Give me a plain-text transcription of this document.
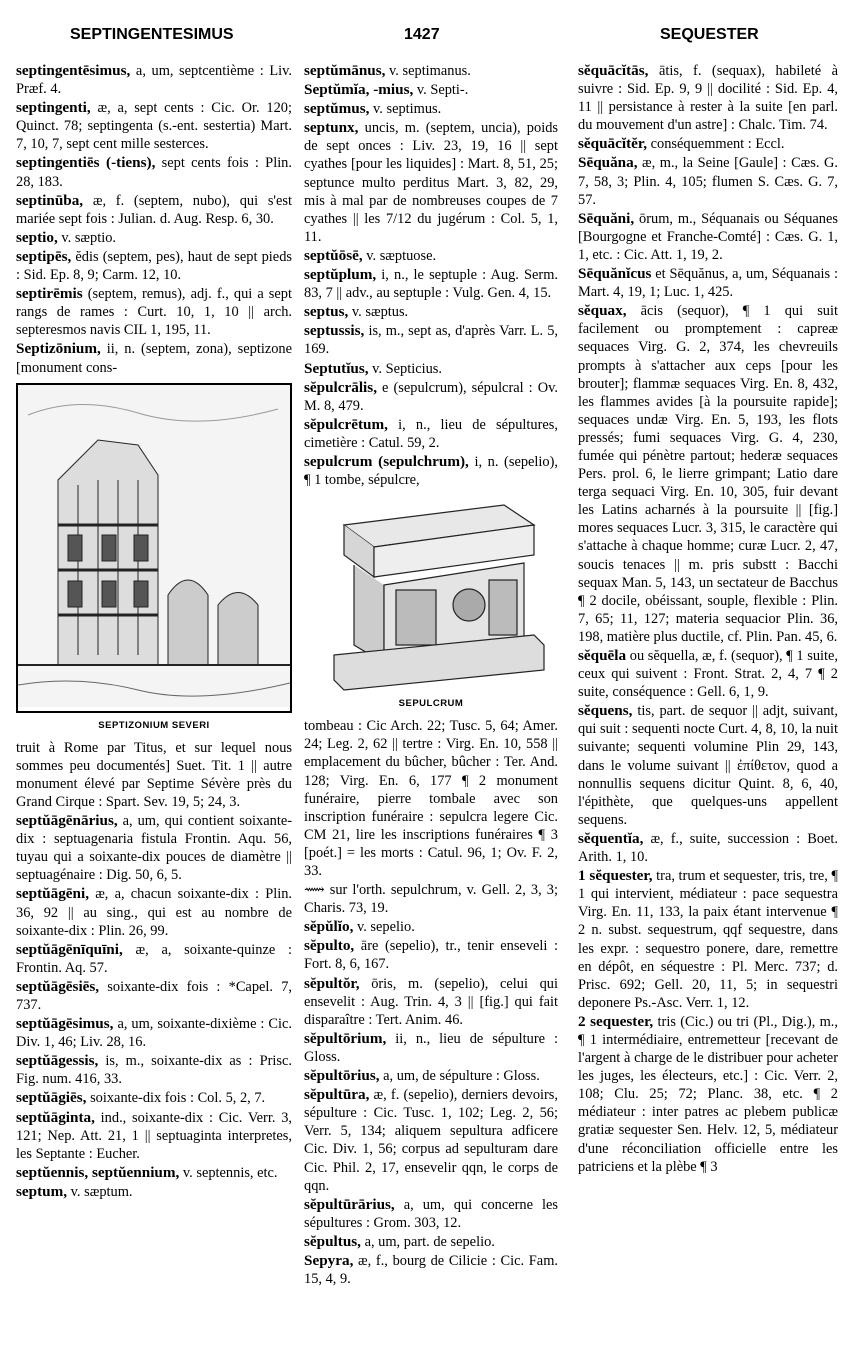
SEPTINGENTESIMUS	1427	SEQUESTER
septingentēsimus, a, um, septcentième : Liv. Præf. 4.
septingenti, æ, a, sept cents : Cic. Or. 120; Quinct. 78; septingenta (s.-ent. sestertia) Mart. 7, 10, 7, sept cent mille sesterces.
septingentiēs (-tiens), sept cents fois : Plin. 28, 183.
septinūba, æ, f. (septem, nubo), qui s'est mariée sept fois : Julian. d. Aug. Resp. 6, 30.
septio, v. sæptio.
septipēs, ĕdis (septem, pes), haut de sept pieds : Sid. Ep. 8, 9; Carm. 12, 10.
septirēmis (septem, remus), adj. f., qui a sept rangs de rames : Curt. 10, 1, 10 || arch. septeresmos navis CIL 1, 195, 11.
Septizōnium, ii, n. (septem, zona), septizone [monument cons-
SEPTIZONIUM SEVERI
truit à Rome par Titus, et sur lequel nous sommes peu documentés] Suet. Tit. 1 || autre monument élevé par Septime Sévère près du Grand Cirque : Spart. Sev. 19, 5; 24, 3.
septŭāgēnārius, a, um, qui contient soixante-dix : septuagenaria fistula Frontin. Aqu. 56, tuyau qui a soixante-dix pouces de diamètre || septuagénaire : Dig. 50, 6, 5.
septŭāgēni, æ, a, chacun soixante-dix : Plin. 36, 92 || au sing., qui est au nombre de soixante-dix : Plin. 26, 99.
septŭāgēnīquīni, æ, a, soixante-quinze : Frontin. Aq. 57.
septŭāgēsiēs, soixante-dix fois : *Capel. 7, 737.
septŭāgēsimus, a, um, soixante-dixième : Cic. Div. 1, 46; Liv. 28, 16.
septŭāgessis, is, m., soixante-dix as : Prisc. Fig. num. 416, 33.
septŭāgiēs, soixante-dix fois : Col. 5, 2, 7.
septŭāginta, ind., soixante-dix : Cic. Verr. 3, 121; Nep. Att. 21, 1 || septuaginta interpretes, les Septante : Eucher.
septŭennis, septŭennium, v. septennis, etc.
septum, v. sæptum.
septŭmānus, v. septimanus.
Septŭmĭa, -mius, v. Septi-.
septŭmus, v. septimus.
septunx, uncis, m. (septem, uncia), poids de sept onces : Liv. 23, 19, 16 || sept cyathes [pour les liquides] : Mart. 8, 51, 25; septunce multo perditus Mart. 3, 82, 29, mis à mal par de nombreuses coupes de 7 cyathes || les 7/12 du jugérum : Col. 5, 1, 11.
septŭōsē, v. sæptuose.
septŭplum, i, n., le septuple : Aug. Serm. 83, 7 || adv., au septuple : Vulg. Gen. 4, 15.
septus, v. sæptus.
septussis, is, m., sept as, d'après Varr. L. 5, 169.
Septutĭus, v. Septicius.
sĕpulcrālis, e (sepulcrum), sépulcral : Ov. M. 8, 479.
sĕpulcrētum, i, n., lieu de sépultures, cimetière : Catul. 59, 2.
sepulcrum (sepulchrum), i, n. (sepelio), ¶ 1 tombe, sépulcre,
SEPULCRUM
tombeau : Cic Arch. 22; Tusc. 5, 64; Amer. 24; Leg. 2, 62 || tertre : Virg. En. 10, 558 || emplacement du bûcher, bûcher : Ter. And. 128; Virg. En. 6, 177 ¶ 2 monument funéraire, pierre tombale avec son inscription funéraire : sepulcra legere Cic. CM 21, lire les inscriptions funéraires ¶ 3 [poét.] = les morts : Catul. 96, 1; Ov. F. 2, 33.
⟿ sur l'orth. sepulchrum, v. Gell. 2, 3, 3; Charis. 73, 19.
sĕpŭlĭo, v. sepelio.
sĕpulto, āre (sepelio), tr., tenir enseveli : Fort. 8, 6, 167.
sĕpultŏr, ōris, m. (sepelio), celui qui ensevelit : Aug. Trin. 4, 3 || [fig.] qui fait disparaître : Tert. Anim. 46.
sĕpultōrium, ii, n., lieu de sépulture : Gloss.
sĕpultōrius, a, um, de sépulture : Gloss.
sĕpultūra, æ, f. (sepelio), derniers devoirs, sépulture : Cic. Tusc. 1, 102; Leg. 2, 56; Verr. 5, 134; aliquem sepultura adficere Cic. Div. 1, 56; corpus ad sepulturam dare Cic. Phil. 2, 17, ensevelir qqn, le corps de qqn.
sĕpultūrārius, a, um, qui concerne les sépultures : Grom. 303, 12.
sĕpultus, a, um, part. de sepelio.
Sepyra, æ, f., bourg de Cilicie : Cic. Fam. 15, 4, 9.
sĕquācĭtās, ātis, f. (sequax), habileté à suivre : Sid. Ep. 9, 9 || docilité : Sid. Ep. 4, 11 || persistance à rester à la suite [en parl. du mouvement d'un astre] : Chalc. Tim. 74.
sĕquācĭtĕr, conséquemment : Eccl.
Sēquăna, æ, m., la Seine [Gaule] : Cæs. G. 7, 58, 3; Plin. 4, 105; flumen S. Cæs. G. 7, 57.
Sēquăni, ōrum, m., Séquanais ou Séquanes [Bourgogne et Franche-Comté] : Cæs. G. 1, 1, etc. : Cic. Att. 1, 19, 2.
Sēquănĭcus et Sēquănus, a, um, Séquanais : Mart. 4, 19, 1; Luc. 1, 425.
sĕquax, ācis (sequor), ¶ 1 qui suit facilement ou promptement : capreæ sequaces Virg. G. 2, 374, les chevreuils prompts à s'attacher aux ceps [pour les brouter]; flammæ sequaces Virg. En. 8, 432, les flammes avides [à la poursuite rapide]; sequaces undæ Virg. En. 5, 193, les flots pressés; fumi sequaces Virg. G. 4, 230, fumée qui pénètre partout; hederæ sequaces Pers. prol. 6, le lierre grimpant; Latio dare terga sequaci Virg. En. 10, 305, fuir devant les Latins acharnés à la poursuite || [fig.] mores sequaces Lucr. 3, 315, le caractère qui s'attache à chaque homme; curæ Lucr. 2, 47, soucis tenaces || m. pris substt : Bacchi sequax Man. 5, 143, un sectateur de Bacchus ¶ 2 docile, obéissant, souple, flexible : Plin. 7, 65; 11, 127; materia sequacior Plin. 36, 198, matière plus ductile, cf. Plin. Pan. 45, 6.
sĕquēla ou sĕquella, æ, f. (sequor), ¶ 1 suite, ceux qui suivent : Front. Strat. 2, 4, 7 ¶ 2 suite, conséquence : Gell. 6, 1, 9.
sĕquens, tis, part. de sequor || adjt, suivant, qui suit : sequenti nocte Curt. 4, 8, 10, la nuit suivante; sequenti volumine Plin 29, 143, dans le volume suivant || ἐπίθετον, quod a nonnullis sequens dicitur Quint. 8, 6, 40, l'épithète, que quelques-uns appellent sequens.
sĕquentĭa, æ, f., suite, succession : Boet. Arith. 1, 10.
1 sĕquester, tra, trum et sequester, tris, tre, ¶ 1 qui intervient, médiateur : pace sequestra Virg. En. 11, 133, la paix étant intervenue ¶ 2 n. subst. sequestrum, qqf sequestre, dans les expr. : sequestro ponere, dare, remettre en dépôt, en séquestre : Pl. Merc. 737; d. Prisc. 692; Gell. 20, 11, 5; in sequestri deponere Ps.-Asc. Verr. 1, 12.
2 sequester, tris (Cic.) ou tri (Pl., Dig.), m., ¶ 1 intermédiaire, entremetteur [recevant de l'argent à charge de le distribuer pour acheter les juges, les électeurs, etc.] : Cic. Verr. 2, 108; Clu. 25; 72; Planc. 38, etc. ¶ 2 médiateur : inter patres ac plebem publicæ gratiæ sequester Sen. Helv. 12, 5, médiateur d'une réconciliation officielle entre les patriciens et la plèbe ¶ 3
